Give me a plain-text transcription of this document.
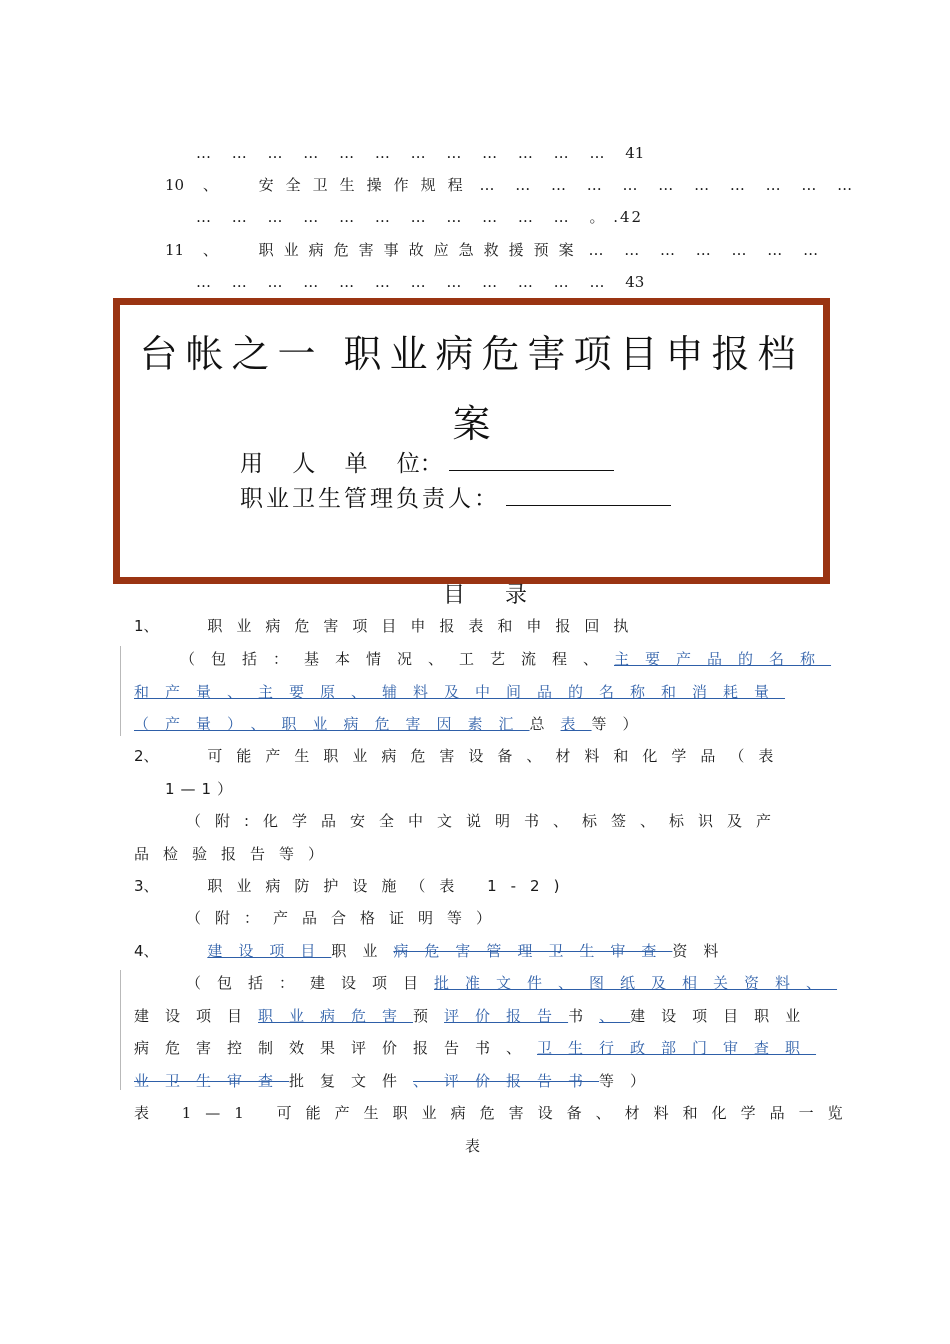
… … … … … … … … … … … … 41
10 、	安全卫生操作规程 … … … … … … … … … … …
… … … … … … … … … … … 。 .42
11 、	职业病危害事故应急救援预案 … … … … … … …
… … … … … … … … … … … … 43
台帐之一 职业病危害项目申报档
案
用    人    单    位：
职业卫生管理负责人：
目录
1、	职业病危害项目申报表和申报回执
（包括：基本情况、工艺流程、主要产品的名称
和产量、主要原、辅料及中间品的名称和消耗量
（产量）、职业病危害因素汇总表等）
2、	可能产生职业病危害设备、材料和化学品（表
1—1）
（附:化学品安全中文说明书、标签、标识及产
品检验报告等）
3、	职业病防护设施（表 1-2)
（附：产品合格证明等）
4、	建设项目职业病危害管理卫生审查资料
（包括：建设项目批准文件、图纸及相关资料、
建设项目职业病危害预评价报告书、建设项目职业
病危害控制效果评价报告书、卫生行政部门审查职
业卫生审查批复文件、评价报告书等）
表 1—1 可能产生职业病危害设备、材料和化学品一览
表
